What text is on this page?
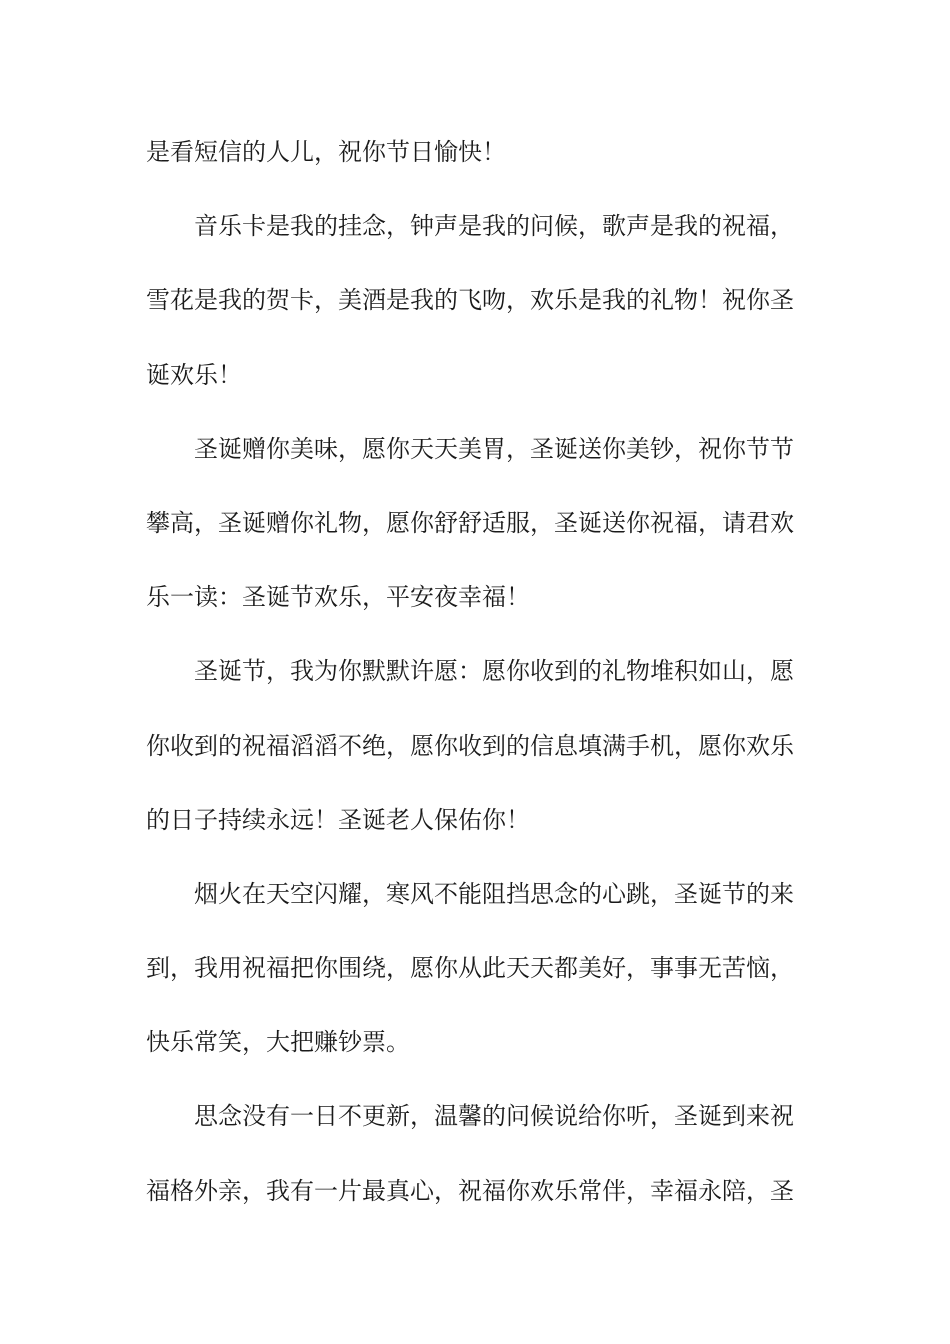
是看短信的人儿，祝你节日愉快！
音乐卡是我的挂念，钟声是我的问候，歌声是我的祝福，
雪花是我的贺卡，美酒是我的飞吻，欢乐是我的礼物！祝你圣
诞欢乐！
圣诞赠你美味，愿你天天美胃，圣诞送你美钞，祝你节节
攀高，圣诞赠你礼物，愿你舒舒适服，圣诞送你祝福，请君欢
乐一读：圣诞节欢乐，平安夜幸福！
圣诞节，我为你默默许愿：愿你收到的礼物堆积如山，愿
你收到的祝福滔滔不绝，愿你收到的信息填满手机，愿你欢乐
的日子持续永远！圣诞老人保佑你！
烟火在天空闪耀，寒风不能阻挡思念的心跳，圣诞节的来
到，我用祝福把你围绕，愿你从此天天都美好，事事无苦恼，
快乐常笑，大把赚钞票。
思念没有一日不更新，温馨的问候说给你听，圣诞到来祝
福格外亲，我有一片最真心，祝福你欢乐常伴，幸福永陪，圣
